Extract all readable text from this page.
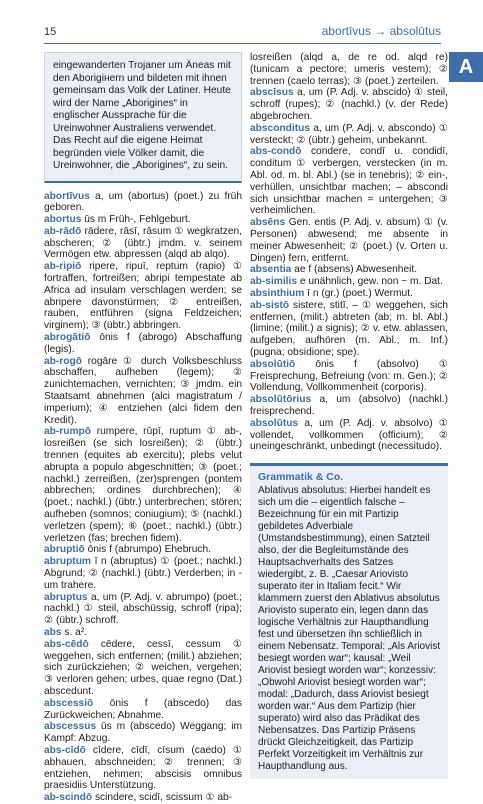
15	abortīvus → absolūtus
A
eingewanderten Trojaner um Äneas mit den Aborigінern und bildeten mit ihnen gemeinsam das Volk der Latiner. Heute wird der Name „Aborigines“ in englischer Aussprache für die Ureinwohner Australiens verwendet. Das Recht auf die eigene Heimat begründen viele Völker damit, die Ureinwohner, die „Aborigines“, zu sein.
abortīvus a, um (abortus) (poet.) zu früh geboren.
abortus ūs m Früh-, Fehlgeburt.
ab-rādō rādere, rāsī, rāsum ① wegkratzen, abscheren; ② (übtr.) jmdm. v. seinem Vermögen etw. abpressen (alqd ab alqo).
ab-ripiō ripere, ripuī, reptum (rapio) ① fortraffen, fortreißen; abripi tempestate ab Africa ad insulam verschlagen werden; se abripere davonstürmen; ② entreißen, rauben, entführen (signa Feldzeichen; virginem); ③ (übtr.) abbringen.
abrogātiō ōnis f (abrogo) Abschaffung (legis).
ab-rogō rogāre ① durch Volksbeschluss abschaffen, aufheben (legem); ② zunichtemachen, vernichten; ③ jmdm. ein Staatsamt abnehmen (alci magistratum / imperium); ④ entziehen (alci fidem den Kredit).
ab-rumpō rumpere, rūpī, ruptum ① ab-, losreißen (se sich losreißen); ② (übtr.) trennen (equites ab exercitu); plebs velut abrupta a populo abgeschnitten; ③ (poet.; nachkl.) zerreißen, (zer)sprengen (pontem abbrechen; ordines durchbrechen); ④ (poet.; nachkl.) (übtr.) unterbrechen; stören; aufheben (somnos; coniugium); ⑤ (nachkl.) verletzen (spem); ⑥ (poet.; nachkl.) (übtr.) verletzen (fas; brechen fidem).
abruptiō ōnis f (abrumpo) Ehebruch.
abruptum ī n (abruptus) ① (poet.; nachkl.) Abgrund; ② (nachkl.) (übtr.) Verderben; in -um trahere.
abruptus a, um (P. Adj. v. abrumpo) (poet.; nachkl.) ① steil, abschüssig, schroff (ripa); ② (übtr.) schroff.
abs s. a².
abs-cēdō cēdere, cessī, cessum ① weggehen, sich entfernen; (milit.) abziehen; sich zurückziehen; ② weichen, vergehen; ③ verloren gehen; urbes, quae regno (Dat.) abscedunt.
abscessiō ōnis f (abscedo) das Zurückweichen; Abnahme.
abscessus ūs m (abscedo) Weggang; im Kampf: Abzug.
abs-cīdō cīdere, cīdī, cīsum (caedo) ① abhauen, abschneiden; ② trennen; ③ entziehen, nehmen; abscisis omnibus praesidiis Unterstützung.
ab-scindō scindere, scidī, scissum ① ab-
losreißen (alqd a, de re od. alqd re) (tunicam a pectore; umeris vestem); ② trennen (caelo terras); ③ (poet.) zerteilen.
abscīsus a, um (P. Adj. v. abscido) ① steil, schroff (rupes); ② (nachkl.) (v. der Rede) abgebrochen.
absconditus a, um (P. Adj. v. abscondo) ① versteckt; ② (übtr.) geheim, unbekannt.
abs-condō condere, condī u. condidī, conditum ① verbergen, verstecken (in m. Abl. od. m. bl. Abl.) (se in tenebris); ② ein-, verhüllen, unsichtbar machen; – abscondi sich unsichtbar machen = untergehen; ③ verheimlichen.
absēns Gen. entis (P. Adj. v. absum) ① (v. Personen) abwesend; me absente in meiner Abwesenheit; ② (poet.) (v. Orten u. Dingen) fern, entfernt.
absentia ae f (absens) Abwesenheit.
ab-similis e unähnlich, gew. non ~ m. Dat.
absinthium ī n (gr.) (poet.) Wermut.
ab-sistō sistere, stitī, – ① weggehen, sich entfernen, (milit.) abtreten (ab; m. bl. Abl.) (limine; (milit.) a signis); ② v. etw. ablassen, aufgeben, aufhören (m. Abl.; m. Inf.) (pugna; obsidione; spe).
absolūtiō ōnis f (absolvo) ① Freisprechung, Befreiung (von: m. Gen.); ② Vollendung, Vollkommenheit (corporis).
absolūtōrius a, um (absolvo) (nachkl.) freisprechend.
absolūtus a, um (P. Adj. v. absolvo) ① vollendet, vollkommen (officium); ② uneingeschränkt, unbedingt (necessitudo).
Grammatik & Co.
Ablativus absolutus: Hierbei handelt es sich um die – eigentlich falsche – Bezeichnung für ein mit Partizip gebildetes Adverbiale (Umstandsbestimmung), einen Satzteil also, der die Begleitumstände des Hauptsachverhalts des Satzes wiedergibt, z. B. „Caesar Ariovisto superato iter in Italiam fecit.“ Wir klammern zuerst den Ablativus absolutus Ariovisto superato ein, legen dann das logische Verhältnis zur Haupthandlung fest und übersetzen ihn schließlich in einem Nebensatz. Temporal: „Als Ariovist besiegt worden war“; kausal: „Weil Ariovist besiegt worden war“; konzessiv: „Obwohl Ariovist besiegt worden war“; modal: „Dadurch, dass Ariovist besiegt worden war.“ Aus dem Partizip (hier superato) wird also das Prädikat des Nebensatzes. Das Partizip Präsens drückt Gleichzeitigkeit, das Partizip Perfekt Vorzeitigkeit im Verhältnis zur Haupthandlung aus.
